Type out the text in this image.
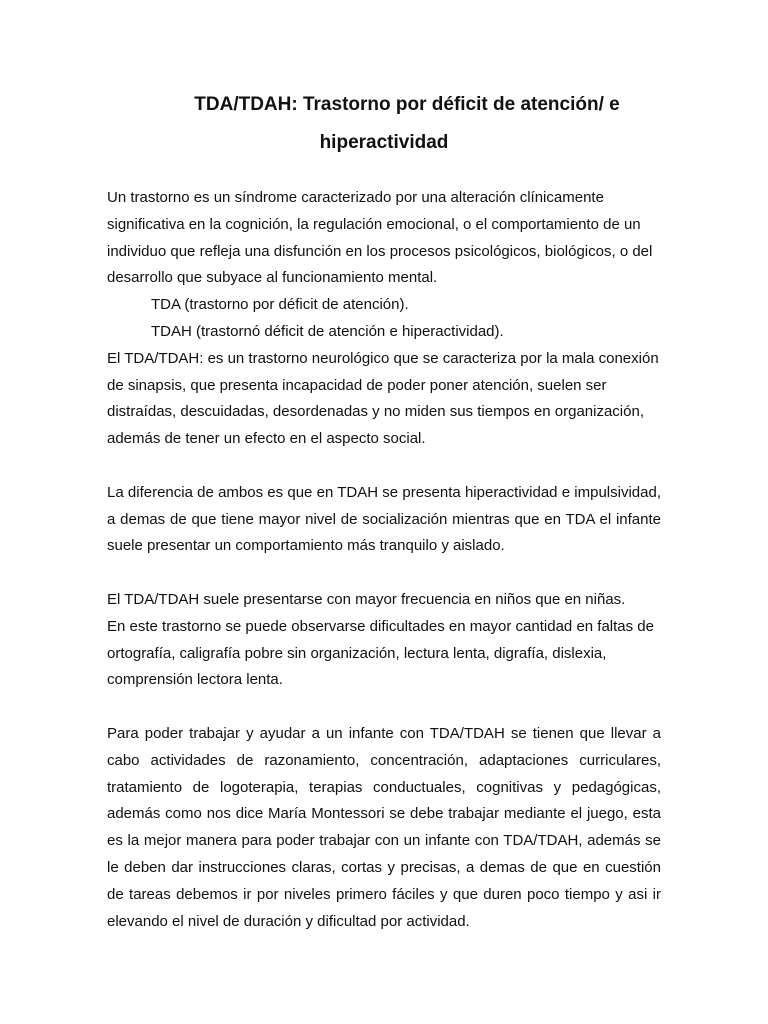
TDA/TDAH: Trastorno por déficit de atención/ e
hiperactividad

Un trastorno es un síndrome caracterizado por una alteración clínicamente significativa en la cognición, la regulación emocional, o el comportamiento de un individuo que refleja una disfunción en los procesos psicológicos, biológicos, o del desarrollo que subyace al funcionamiento mental.

TDA (trastorno por déficit de atención).

TDAH (trastornó déficit de atención e hiperactividad).

El TDA/TDAH: es un trastorno neurológico que se caracteriza por la mala conexión de sinapsis, que presenta incapacidad de poder poner atención, suelen ser distraídas, descuidadas, desordenadas y no miden sus tiempos en organización, además de tener un efecto en el aspecto social.

La diferencia de ambos es que en TDAH se presenta hiperactividad e impulsividad, a demas de que tiene mayor nivel de socialización mientras que en TDA el infante suele presentar un comportamiento más tranquilo y aislado.

El TDA/TDAH suele presentarse con mayor frecuencia en niños que en niñas.

En este trastorno se puede observarse dificultades en mayor cantidad en faltas de ortografía, caligrafía pobre sin organización, lectura lenta, digrafía, dislexia, comprensión lectora lenta.

Para poder trabajar y ayudar a un infante con TDA/TDAH se tienen que llevar a cabo actividades de razonamiento, concentración, adaptaciones curriculares, tratamiento de logoterapia, terapias conductuales, cognitivas y pedagógicas, además como nos dice María Montessori se debe trabajar mediante el juego, esta es la mejor manera para poder trabajar con un infante con TDA/TDAH, además se le deben dar instrucciones claras, cortas y precisas, a demas de que en cuestión de tareas debemos ir por niveles primero fáciles y que duren poco tiempo y asi ir elevando el nivel de duración y dificultad por actividad.
